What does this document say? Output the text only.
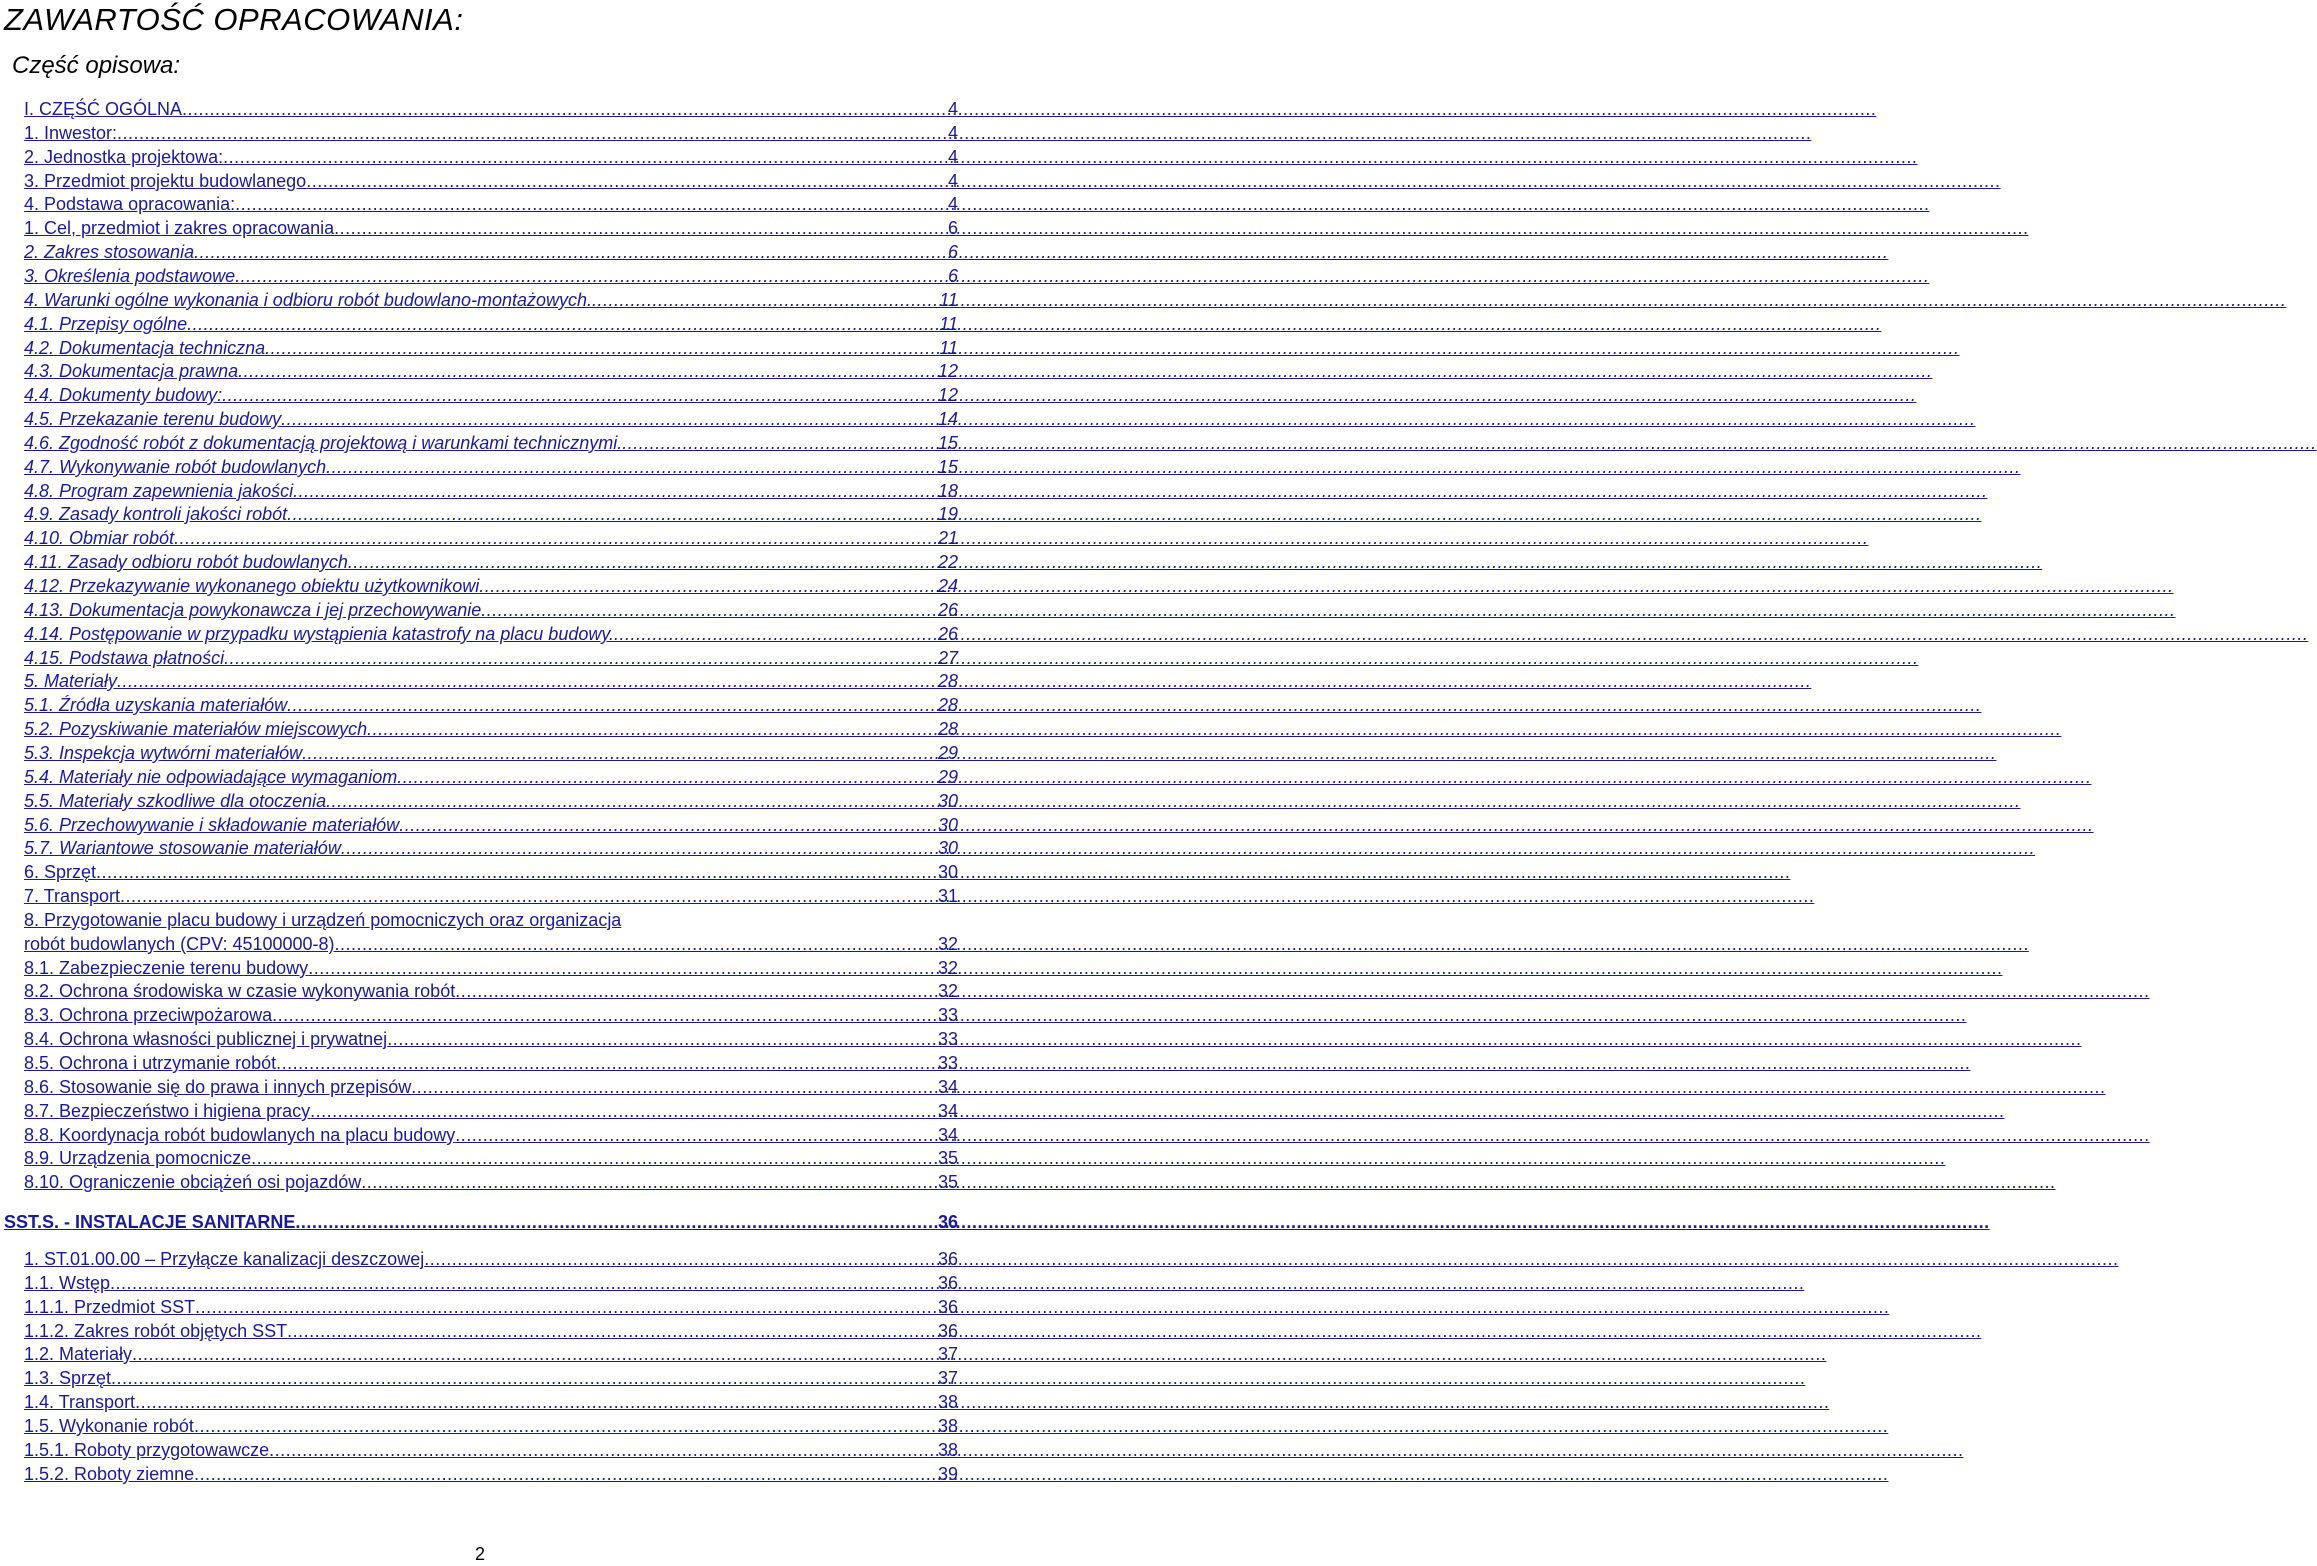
ZAWARTOŚĆ OPRACOWANIA:
Część opisowa:
I. CZĘŚĆ OGÓLNA .....	4
1. Inwestor: .....	4
2. Jednostka projektowa: .....	4
3. Przedmiot projektu budowlanego .....	4
4. Podstawa opracowania: .....	4
1. Cel, przedmiot i zakres opracowania .....	6
2. Zakres stosowania .....	6
3. Określenia podstawowe .....	6
4. Warunki ogólne wykonania i odbioru robót budowlano-montażowych. .....	11
4.1. Przepisy ogólne .....	11
4.2. Dokumentacja techniczna .....	11
4.3. Dokumentacja prawna .....	12
4.4. Dokumenty budowy: .....	12
4.5. Przekazanie terenu budowy .....	14
4.6. Zgodność robót z dokumentacją projektową i warunkami technicznymi. .....	15
4.7. Wykonywanie robót budowlanych .....	15
4.8. Program zapewnienia jakości .....	18
4.9. Zasady kontroli jakości robót .....	19
4.10. Obmiar robót .....	21
4.11. Zasady odbioru robót budowlanych .....	22
4.12. Przekazywanie wykonanego obiektu użytkownikowi .....	24
4.13. Dokumentacja powykonawcza i jej przechowywanie .....	26
4.14. Postępowanie w przypadku wystąpienia katastrofy na placu budowy. .....	26
4.15. Podstawa płatności .....	27
5. Materiały .....	28
5.1. Źródła uzyskania materiałów .....	28
5.2. Pozyskiwanie materiałów miejscowych .....	28
5.3. Inspekcja wytwórni materiałów .....	29
5.4. Materiały nie odpowiadające wymaganiom .....	29
5.5. Materiały szkodliwe dla otoczenia .....	30
5.6. Przechowywanie i składowanie materiałów .....	30
5.7. Wariantowe stosowanie materiałów .....	30
6. Sprzęt .....	30
7. Transport .....	31
8. Przygotowanie placu budowy i urządzeń pomocniczych oraz organizacja
robót budowlanych (CPV: 45100000-8) .....	32
8.1. Zabezpieczenie terenu budowy .....	32
8.2. Ochrona środowiska w czasie wykonywania robót .....	32
8.3. Ochrona przeciwpożarowa .....	33
8.4. Ochrona własności publicznej i prywatnej .....	33
8.5. Ochrona i utrzymanie robót .....	33
8.6. Stosowanie się do prawa i innych przepisów .....	34
8.7. Bezpieczeństwo i higiena pracy .....	34
8.8. Koordynacja robót budowlanych na placu budowy .....	34
8.9. Urządzenia pomocnicze .....	35
8.10. Ograniczenie obciążeń osi pojazdów .....	35
SST.S. - INSTALACJE SANITARNE .....	36
1. ST.01.00.00 – Przyłącze kanalizacji deszczowej .....	36
1.1. Wstęp .....	36
1.1.1. Przedmiot SST .....	36
1.1.2. Zakres robót objętych SST .....	36
1.2. Materiały .....	37
1.3. Sprzęt .....	37
1.4. Transport .....	38
1.5. Wykonanie robót .....	38
1.5.1. Roboty przygotowawcze .....	38
1.5.2. Roboty ziemne .....	39
2
